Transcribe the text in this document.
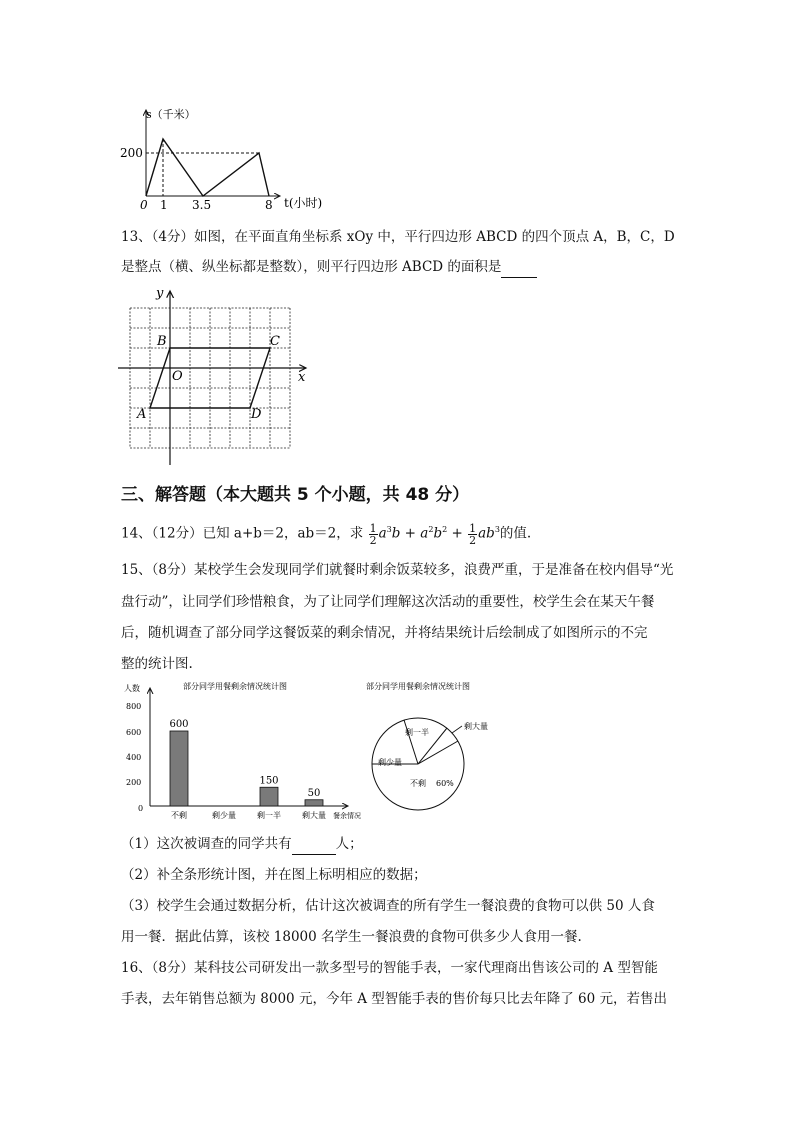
s（千米）
t(小时)
200
0 1 3.5	8
13、（4分）如图，在平面直角坐标系 xOy 中，平行四边形 ABCD 的四个顶点 A，B，C，D
是整点（横、纵坐标都是整数），则平行四边形 ABCD 的面积是
y
x
O
A
B	C
D
三、解答题（本大题共 5 个小题，共 48 分）
14、（12分）已知 a+b＝2，ab＝2，求 $\frac{1}{2} a^3b + a^2b^2 + \frac{1}{2} ab^3$的值.
15、（8分）某校学生会发现同学们就餐时剩余饭菜较多，浪费严重，于是准备在校内倡导“光
盘行动”，让同学们珍惜粮食，为了让同学们理解这次活动的重要性，校学生会在某天午餐
后，随机调查了部分同学这餐饭菜的剩余情况，并将结果统计后绘制成了如图所示的不完
整的统计图.
部分同学用餐剩余情况统计图
人数
餐余情况
800
600
400
200
0
600
不剩	剩少量
150
剩一半
50
剩大量
部分同学用餐剩余情况统计图
不剩 60%
剩少量
剩一半
剩大量
（1）这次被调查的同学共有	人；
（2）补全条形统计图，并在图上标明相应的数据；
（3）校学生会通过数据分析，估计这次被调查的所有学生一餐浪费的食物可以供 50 人食
用一餐．据此估算，该校 18000 名学生一餐浪费的食物可供多少人食用一餐.
16、（8分）某科技公司研发出一款多型号的智能手表，一家代理商出售该公司的 A 型智能
手表，去年销售总额为 8000 元，今年 A 型智能手表的售价每只比去年降了 60 元，若售出
